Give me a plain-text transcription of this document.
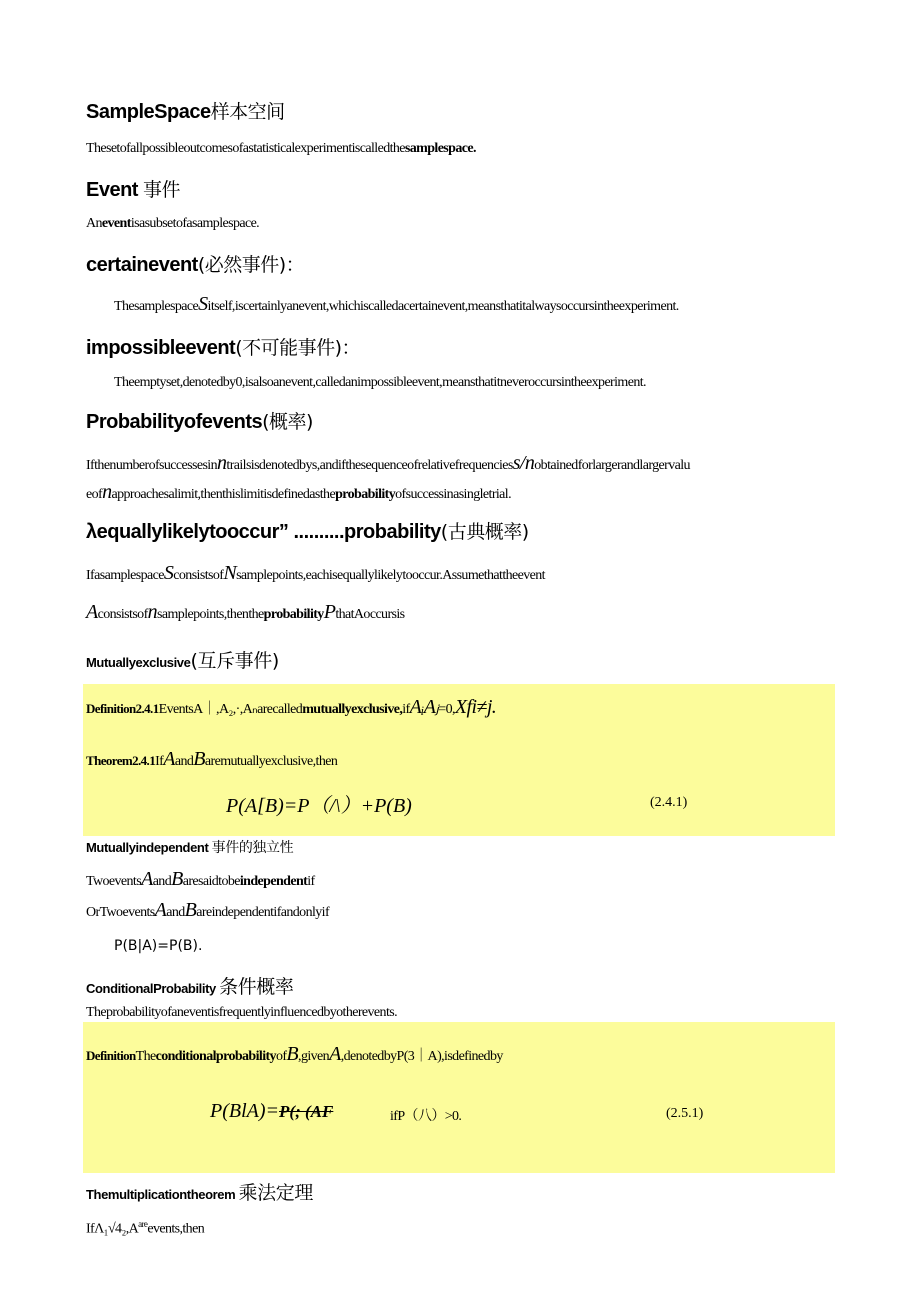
SampleSpace样本空间
Thesetofallpossibleoutcomesofastatisticalexperimentiscalledthesamplespace.
Event 事件
Aneventisasubsetofasamplespace.
certainevent(必然事件)：
ThesamplespaceSitself,iscertainlyanevent,whichiscalledacertainevent,meansthatitalwaysoccursintheexperiment.
impossibleevent(不可能事件)：
Theemptyset,denotedby0,isalsoanevent,calledanimpossibleevent,meansthatitneveroccursintheexperiment.
Probabilityofevents(概率)
Ifthenumberofsuccessesinntrailsisdenotedbys,andifthesequenceofrelativefrequenciess/nobtainedforlargerandlargervalu
eofnapproachesalimit,thenthislimitisdefinedastheprobabilityofsuccessinasingletrial.
λequallylikelytooccur” ..........probability(古典概率)
IfasamplespaceSconsistsofNsamplepoints,eachisequallylikelytooccur.Assumethattheevent
Aconsistsofnsamplepoints,thentheprobabilityPthatAoccursis
Mutuallyexclusive(互斥事件)
Definition2.4.1EventsA｜,A₂,·,Aₙarecalledmutuallyexclusive,ifAᵢAⱼ=0,Xfi≠j.
Theorem2.4.1IfAandBaremutuallyexclusive,then
P(A[B)=P（/\）+P(B)	(2.4.1)
Mutuallyindependent 事件的独立性
TwoeventsAandBaresaidtobeindependentif
OrTwoeventsAandBareindependentifandonlyif
P(B|A)=P(B).
ConditionalProbability 条件概率
Theprobabilityofaneventisfrequentlyinfluencedbyotherevents.
DefinitionTheconditionalprobabilityofB,givenA,denotedbyP(3｜A),isdefinedby
P(BlA)=P(; (AF	ifP（八）>0.	(2.5.1)
Themultiplicationtheorem 乘法定理
$If\Lambda_1√4_2,A^{are}events,then$
